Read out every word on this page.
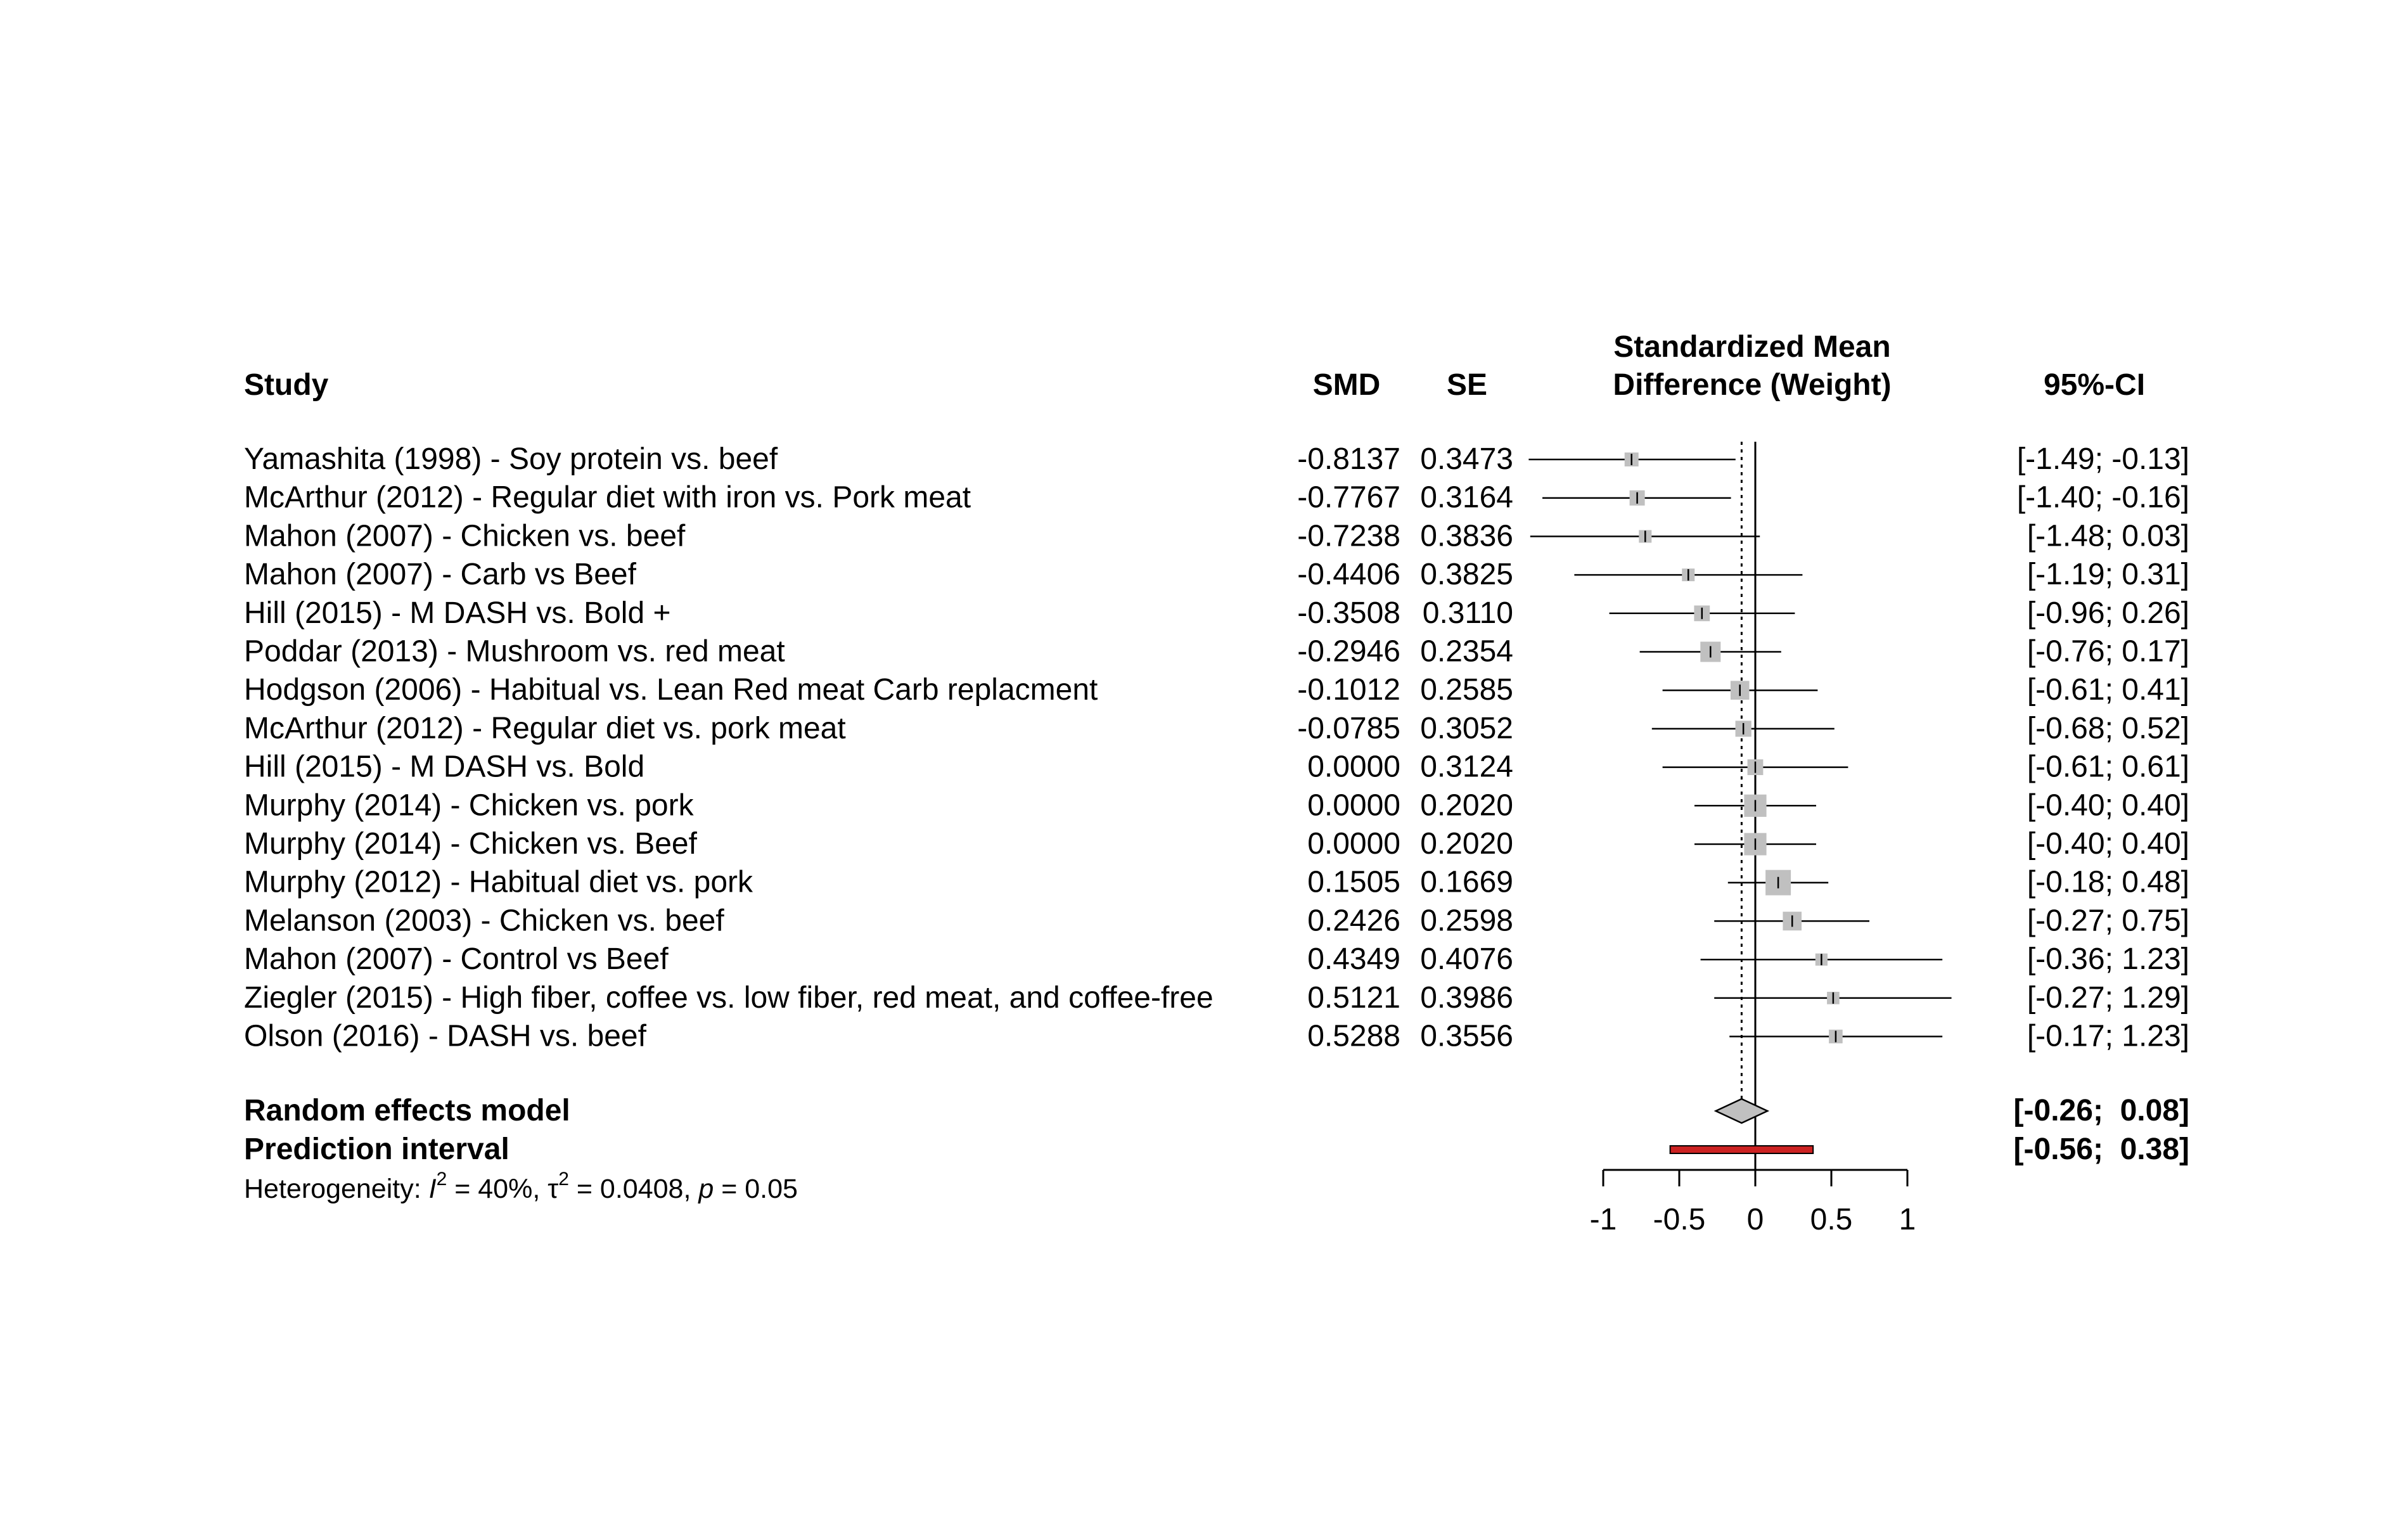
Study	SMD SE
Standardized Mean
Difference (Weight)	95%-CI
Yamashita (1998) - Soy protein vs. beef	-0.8137 0.3473	[-1.49; -0.13]
McArthur (2012) - Regular diet with iron vs. Pork meat	-0.7767 0.3164	[-1.40; -0.16]
Mahon (2007) - Chicken vs. beef	-0.7238 0.3836	[-1.48; 0.03]
Mahon (2007) - Carb vs Beef	-0.4406 0.3825	[-1.19; 0.31]
Hill (2015) - M DASH vs. Bold +	-0.3508 0.3110	[-0.96; 0.26]
Poddar (2013) - Mushroom vs. red meat	-0.2946 0.2354	[-0.76; 0.17]
Hodgson (2006) - Habitual vs. Lean Red meat Carb replacment	-0.1012 0.2585	[-0.61; 0.41]
McArthur (2012) - Regular diet vs. pork meat	-0.0785 0.3052	[-0.68; 0.52]
Hill (2015) - M DASH vs. Bold	0.0000 0.3124	[-0.61; 0.61]
Murphy (2014) - Chicken vs. pork	0.0000 0.2020	[-0.40; 0.40]
Murphy (2014) - Chicken vs. Beef	0.0000 0.2020	[-0.40; 0.40]
Murphy (2012) - Habitual diet vs. pork	0.1505 0.1669	[-0.18; 0.48]
Melanson (2003) - Chicken vs. beef	0.2426 0.2598	[-0.27; 0.75]
Mahon (2007) - Control vs Beef	0.4349 0.4076	[-0.36; 1.23]
Ziegler (2015) - High fiber, coffee vs. low fiber, red meat, and coffee-free	0.5121 0.3986	[-0.27; 1.29]
Olson (2016) - DASH vs. beef	0.5288 0.3556	[-0.17; 1.23]
-1 -0.5 0 0.5 1
Random effects model	[-0.26;  0.08]
Prediction interval	[-0.56;  0.38]
Heterogeneity: $I^2 = 40\%$, $\tau^2 = 0.0408$, p = 0.05
